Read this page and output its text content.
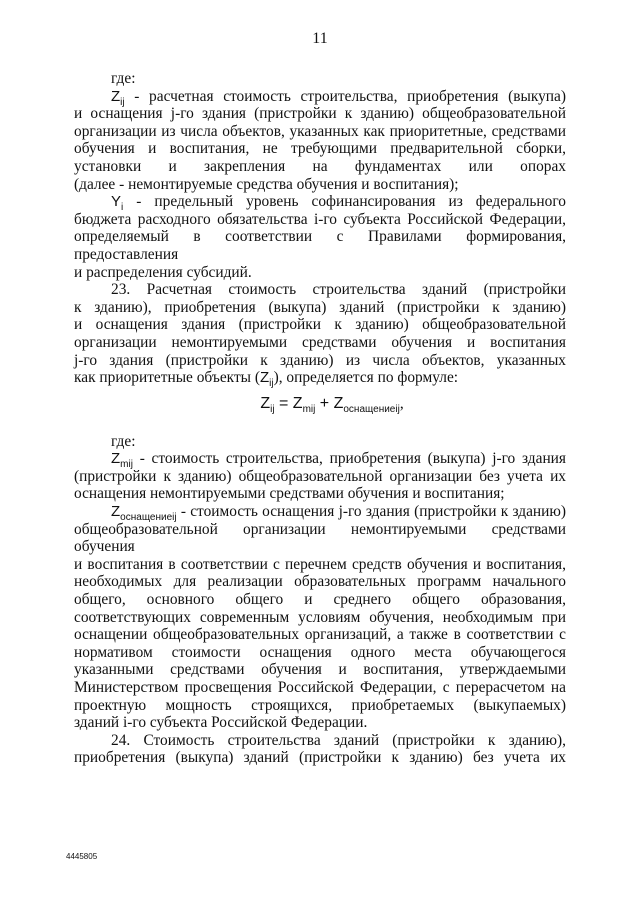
11

где:

$Z_{ij}$ - расчетная стоимость строительства, приобретения (выкупа)

и оснащения j-го здания (пристройки к зданию) общеобразовательной

организации из числа объектов, указанных как приоритетные, средствами

обучения и воспитания, не требующими предварительной сборки,

установки и закрепления на фундаментах или опорах

(далее - немонтируемые средства обучения и воспитания);

$Y_i$ - предельный уровень софинансирования из федерального

бюджета расходного обязательства i-го субъекта Российской Федерации,

определяемый в соответствии с Правилами формирования, предоставления

и распределения субсидий.

23. Расчетная стоимость строительства зданий (пристройки

к зданию), приобретения (выкупа) зданий (пристройки к зданию)

и оснащения здания (пристройки к зданию) общеобразовательной

организации немонтируемыми средствами обучения и воспитания

j-го здания (пристройки к зданию) из числа объектов, указанных

как приоритетные объекты $(Z_{ij})$, определяется по формуле:

$Z_{ij} = Z_{mij} + Z_{оснащениеij}$,

где:

$Z_{mij}$ - стоимость строительства, приобретения (выкупа) j-го здания

(пристройки к зданию) общеобразовательной организации без учета их

оснащения немонтируемыми средствами обучения и воспитания;

$Z_{оснащениеij}$ - стоимость оснащения j-го здания (пристройки к зданию)

общеобразовательной организации немонтируемыми средствами обучения

и воспитания в соответствии с перечнем средств обучения и воспитания,

необходимых для реализации образовательных программ начального

общего, основного общего и среднего общего образования,

соответствующих современным условиям обучения, необходимым при

оснащении общеобразовательных организаций, а также в соответствии с

нормативом стоимости оснащения одного места обучающегося

указанными средствами обучения и воспитания, утверждаемыми

Министерством просвещения Российской Федерации, с перерасчетом на

проектную мощность строящихся, приобретаемых (выкупаемых)

зданий i-го субъекта Российской Федерации.

24. Стоимость строительства зданий (пристройки к зданию),

приобретения (выкупа) зданий (пристройки к зданию) без учета их

4445805
